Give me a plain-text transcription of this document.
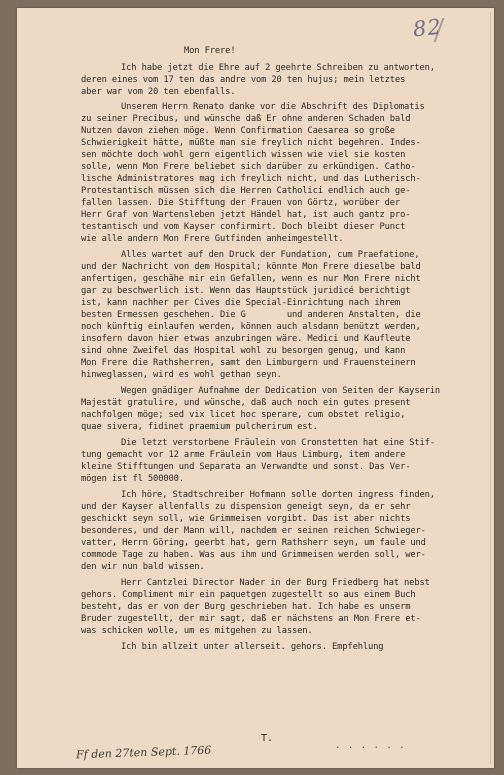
82
Mon Frere!
Ich habe jetzt die Ehre auf 2 geehrte Schreiben zu antworten,
deren eines vom 17 ten das andre vom 20 ten hujus; mein letztes
aber war vom 20 ten ebenfalls.
Unserem Herrn Renato danke vor die Abschrift des Diplomatis
zu seiner Precibus, und wünsche daß Er ohne anderen Schaden bald
Nutzen davon ziehen möge. Wenn Confirmation Caesarea so große
Schwierigkeit hätte, müßte man sie freylich nicht begehren. Indes-
sen möchte doch wohl gern eigentlich wissen wie viel sie kosten
solle, wenn Mon Frere beliebet sich darüber zu erkündigen. Catho-
lische Administratores mag ich freylich nicht, und das Lutherisch-
Protestantisch müssen sich die Herren Catholici endlich auch ge-
fallen lassen. Die Stifftung der Frauen von Görtz, worüber der
Herr Graf von Wartensleben jetzt Händel hat, ist auch gantz pro-
testantisch und vom Kayser confirmirt. Doch bleibt dieser Punct
wie alle andern Mon Frere Gutfinden anheimgestellt.
Alles wartet auf den Druck der Fundation, cum Praefatione,
und der Nachricht von dem Hospital; könnte Mon Frere dieselbe bald
anfertigen, geschähe mir ein Gefallen, wenn es nur Mon Frere nicht
gar zu beschwerlich ist. Wenn das Hauptstück juridicé berichtigt
ist, kann nachher per Cives die Special-Einrichtung nach ihrem
besten Ermessen geschehen. Die G        und anderen Anstalten, die
noch künftig einlaufen werden, können auch alsdann benützt werden,
insofern davon hier etwas anzubringen wäre. Medici und Kaufleute
sind ohne Zweifel das Hospital wohl zu besorgen genug, und kann
Mon Frere die Rathsherren, samt den Limburgern und Frauensteinern
hinweglassen, wird es wohl gethan seyn.
Wegen gnädiger Aufnahme der Dedication von Seiten der Kayserin
Majestät gratulire, und wünsche, daß auch noch ein gutes present
nachfolgen möge; sed vix licet hoc sperare, cum obstet religio,
quae sivera, fidinet praemium pulcherirum est.
Die letzt verstorbene Fräulein von Cronstetten hat eine Stif-
tung gemacht vor 12 arme Fräulein vom Haus Limburg, item andere
kleine Stifftungen und Separata an Verwandte und sonst. Das Ver-
mögen ist fl 500000.
Ich höre, Stadtschreiber Hofmann solle dorten ingress finden,
und der Kayser allenfalls zu dispension geneigt seyn, da er sehr
geschickt seyn soll, wie Grimmeisen vorgibt. Das ist aber nichts
besonderes, und der Mann will, nachdem er seinen reichen Schwieger-
vatter, Herrn Göring, geerbt hat, gern Rathsherr seyn, um faule und
commode Tage zu haben. Was aus ihm und Grimmeisen werden soll, wer-
den wir nun bald wissen.
Herr Cantzlei Director Nader in der Burg Friedberg hat nebst
gehors. Compliment mir ein paquetgen zugestellt so aus einem Buch
besteht, das er von der Burg geschrieben hat. Ich habe es unserm
Bruder zugestellt, der mir sagt, daß er nächstens an Mon Frere et-
was schicken wolle, um es mitgehen zu lassen.
Ich bin allzeit unter allerseit. gehors. Empfehlung
T.
. . . . . .
Ff den 27ten Sept. 1766
